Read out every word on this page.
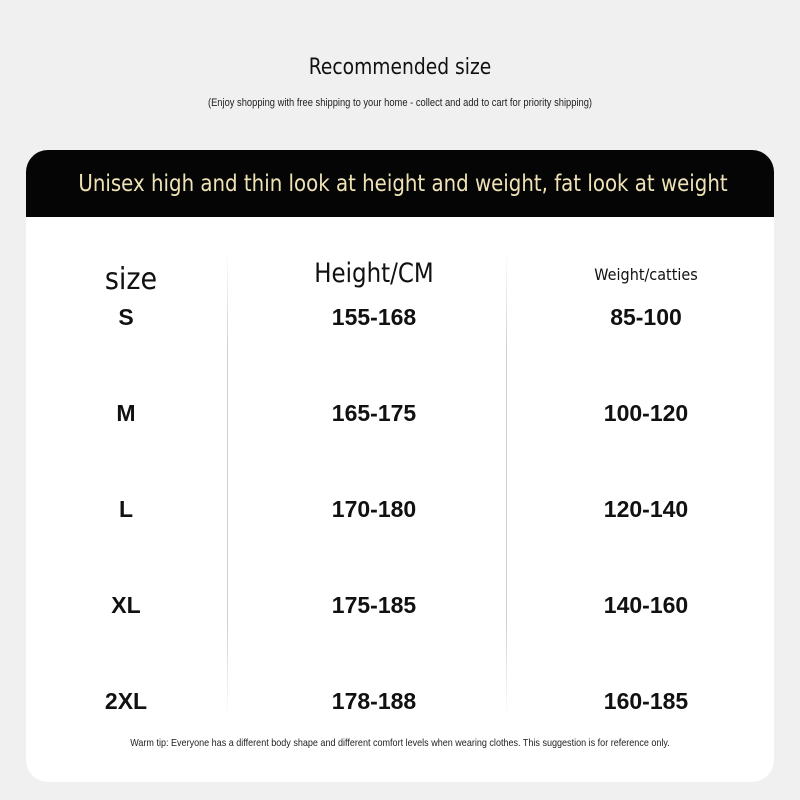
Recommended size
(Enjoy shopping with free shipping to your home - collect and add to cart for priority shipping)
Unisex high and thin look at height and weight, fat look at weight
size	Height/CM	Weight/catties
S	155-168	85-100
M	165-175	100-120
L	170-180	120-140
XL	175-185	140-160
2XL	178-188	160-185
Warm tip: Everyone has a different body shape and different comfort levels when wearing clothes. This suggestion is for reference only.
